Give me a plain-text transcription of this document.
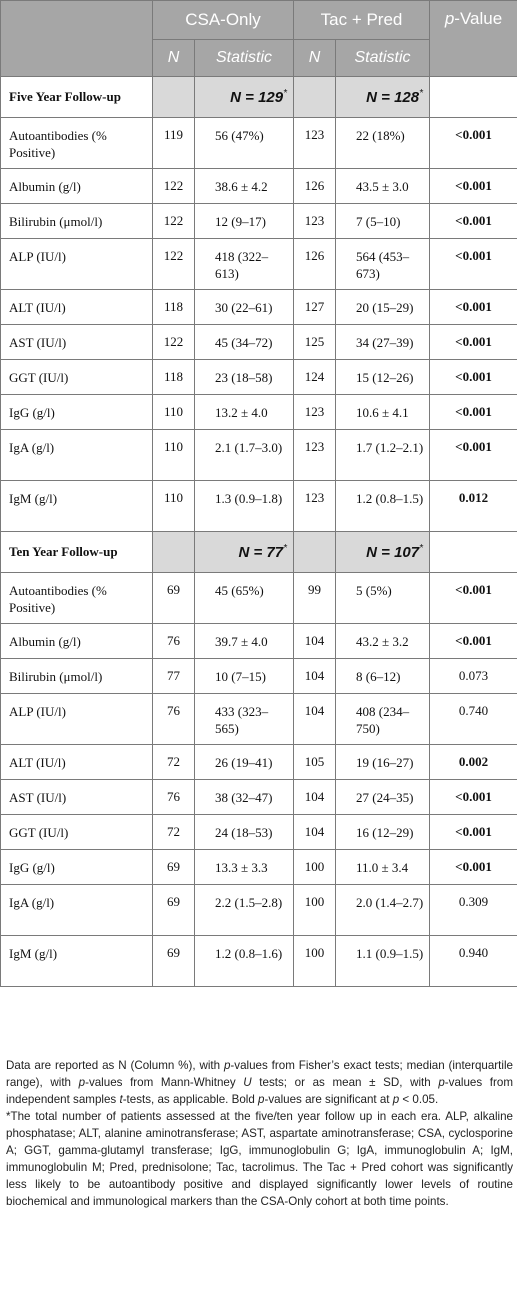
	CSA-Only		Tac + Pred		p-Value
	N	Statistic	N	Statistic	
Five Year Follow-up		N = 129*		N = 128*	
Autoantibodies (% Positive)	119	56 (47%)	123	22 (18%)	<0.001
Albumin (g/l)	122	38.6 ± 4.2	126	43.5 ± 3.0	<0.001
Bilirubin (μmol/l)	122	12 (9–17)	123	7 (5–10)	<0.001
ALP (IU/l)	122	418 (322–613)	126	564 (453–673)	<0.001
ALT (IU/l)	118	30 (22–61)	127	20 (15–29)	<0.001
AST (IU/l)	122	45 (34–72)	125	34 (27–39)	<0.001
GGT (IU/l)	118	23 (18–58)	124	15 (12–26)	<0.001
IgG (g/l)	110	13.2 ± 4.0	123	10.6 ± 4.1	<0.001
IgA (g/l)	110	2.1 (1.7–3.0)	123	1.7 (1.2–2.1)	<0.001
IgM (g/l)	110	1.3 (0.9–1.8)	123	1.2 (0.8–1.5)	0.012
Ten Year Follow-up		N = 77*		N = 107*	
Autoantibodies (% Positive)	69	45 (65%)	99	5 (5%)	<0.001
Albumin (g/l)	76	39.7 ± 4.0	104	43.2 ± 3.2	<0.001
Bilirubin (μmol/l)	77	10 (7–15)	104	8 (6–12)	0.073
ALP (IU/l)	76	433 (323–565)	104	408 (234–750)	0.740
ALT (IU/l)	72	26 (19–41)	105	19 (16–27)	0.002
AST (IU/l)	76	38 (32–47)	104	27 (24–35)	<0.001
GGT (IU/l)	72	24 (18–53)	104	16 (12–29)	<0.001
IgG (g/l)	69	13.3 ± 3.3	100	11.0 ± 3.4	<0.001
IgA (g/l)	69	2.2 (1.5–2.8)	100	2.0 (1.4–2.7)	0.309
IgM (g/l)	69	1.2 (0.8–1.6)	100	1.1 (0.9–1.5)	0.940

Data are reported as N (Column %), with p-values from Fisher’s exact tests; median (interquartile range), with p-values from Mann-Whitney U tests; or as mean ± SD, with p-values from independent samples t-tests, as applicable. Bold p-values are significant at p < 0.05.

*The total number of patients assessed at the five/ten year follow up in each era. ALP, alkaline phosphatase; ALT, alanine aminotransferase; AST, aspartate aminotransferase; CSA, cyclosporine A; GGT, gamma-glutamyl transferase; IgG, immunoglobulin G; IgA, immunoglobulin A; IgM, immunoglobulin M; Pred, prednisolone; Tac, tacrolimus. The Tac + Pred cohort was significantly less likely to be autoantibody positive and displayed significantly lower levels of routine biochemical and immunological markers than the CSA-Only cohort at both time points.
